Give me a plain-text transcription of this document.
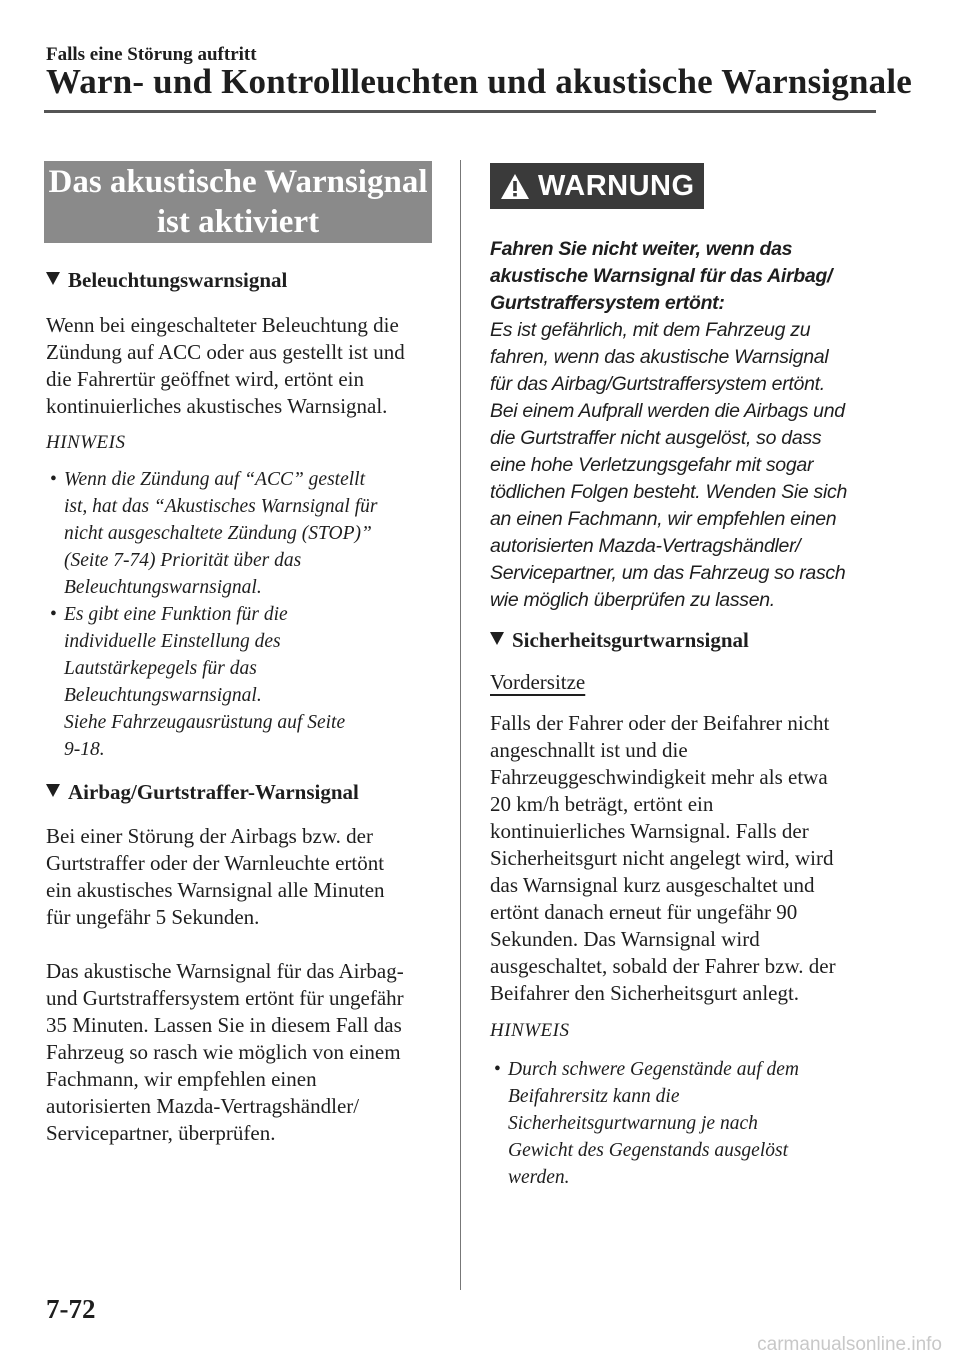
Falls eine Störung auftritt
Warn- und Kontrollleuchten und akustische Warnsignale
Das akustische Warnsignal
ist aktiviert
Beleuchtungswarnsignal
Wenn bei eingeschalteter Beleuchtung die
Zündung auf ACC oder aus gestellt ist und
die Fahrertür geöffnet wird, ertönt ein
kontinuierliches akustisches Warnsignal.
HINWEIS
• Wenn die Zündung auf “ACC” gestellt
ist, hat das “Akustisches Warnsignal für
nicht ausgeschaltete Zündung (STOP)”
(Seite 7-74) Priorität über das
Beleuchtungswarnsignal.
• Es gibt eine Funktion für die
individuelle Einstellung des
Lautstärkepegels für das
Beleuchtungswarnsignal.
Siehe Fahrzeugausrüstung auf Seite
9-18.
Airbag/Gurtstraffer-Warnsignal
Bei einer Störung der Airbags bzw. der
Gurtstraffer oder der Warnleuchte ertönt
ein akustisches Warnsignal alle Minuten
für ungefähr 5 Sekunden.
Das akustische Warnsignal für das Airbag-
und Gurtstraffersystem ertönt für ungefähr
35 Minuten. Lassen Sie in diesem Fall das
Fahrzeug so rasch wie möglich von einem
Fachmann, wir empfehlen einen
autorisierten Mazda-Vertragshändler/
Servicepartner, überprüfen.
WARNUNG
Fahren Sie nicht weiter, wenn das
akustische Warnsignal für das Airbag/
Gurtstraffersystem ertönt:
Es ist gefährlich, mit dem Fahrzeug zu
fahren, wenn das akustische Warnsignal
für das Airbag/Gurtstraffersystem ertönt.
Bei einem Aufprall werden die Airbags und
die Gurtstraffer nicht ausgelöst, so dass
eine hohe Verletzungsgefahr mit sogar
tödlichen Folgen besteht. Wenden Sie sich
an einen Fachmann, wir empfehlen einen
autorisierten Mazda-Vertragshändler/
Servicepartner, um das Fahrzeug so rasch
wie möglich überprüfen zu lassen.
Sicherheitsgurtwarnsignal
Vordersitze
Falls der Fahrer oder der Beifahrer nicht
angeschnallt ist und die
Fahrzeuggeschwindigkeit mehr als etwa
20 km/h beträgt, ertönt ein
kontinuierliches Warnsignal. Falls der
Sicherheitsgurt nicht angelegt wird, wird
das Warnsignal kurz ausgeschaltet und
ertönt danach erneut für ungefähr 90
Sekunden. Das Warnsignal wird
ausgeschaltet, sobald der Fahrer bzw. der
Beifahrer den Sicherheitsgurt anlegt.
HINWEIS
• Durch schwere Gegenstände auf dem
Beifahrersitz kann die
Sicherheitsgurtwarnung je nach
Gewicht des Gegenstands ausgelöst
werden.
7-72
carmanualsonline.info
